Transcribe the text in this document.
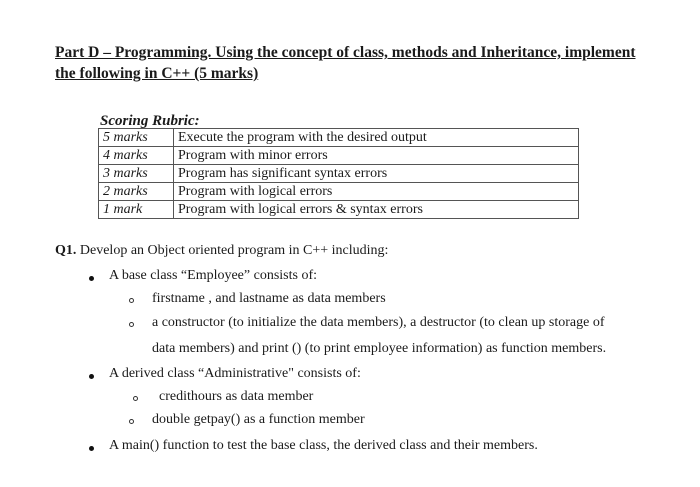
Part D – Programming. Using the concept of class, methods and Inheritance, implement
the following in C++ (5 marks)
Scoring Rubric:
5 marks	Execute the program with the desired output
4 marks	Program with minor errors
3 marks	Program has significant syntax errors
2 marks	Program with logical errors
1 mark	Program with logical errors & syntax errors
Q1. Develop an Object oriented program in C++ including:
A base class “Employee” consists of:
firstname , and lastname as data members
a constructor (to initialize the data members), a destructor (to clean up storage of
data members) and print () (to print employee information) as function members.
A derived class “Administrative" consists of:
credithours as data member
double getpay() as a function member
A main() function to test the base class, the derived class and their members.
